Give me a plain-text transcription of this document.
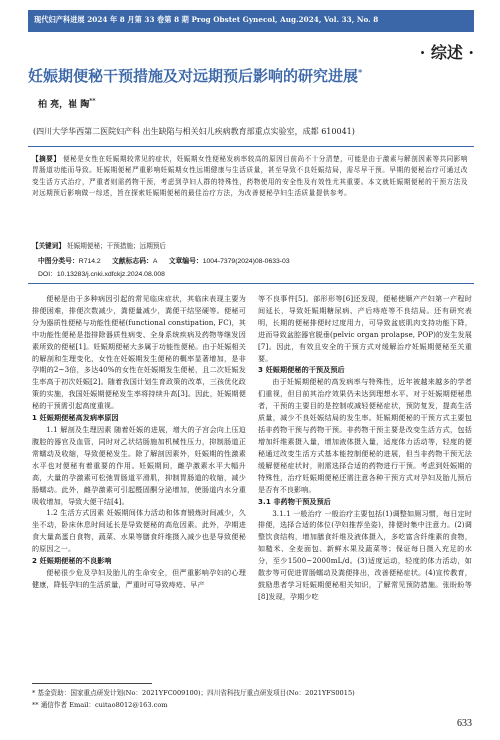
现代妇产科进展 2024 年 8 月第 33 卷第 8 期 Prog Obstet Gynecol, Aug.2024, Vol. 33, No. 8
· 综述 ·
妊娠期便秘干预措施及对远期预后影响的研究进展*
柏 亮，崔 陶**
(四川大学华西第二医院妇产科 出生缺陷与相关妇儿疾病教育部重点实验室，成都 610041)
【摘要】 便秘是女性在妊娠期较常见的症状，妊娠期女性便秘发病率较高的原因目前尚不十分清楚，可能是由于激素与解剖因素等共同影响胃肠道功能而导致。妊娠期便秘严重影响妊娠期女性远期健康与生活质量，甚至导致不良妊娠结局，需尽早干预。早期的便秘治疗可通过改变生活方式治疗，严重者则需药物干预，考虑到孕妇人群的特殊性，药物使用的安全性及有效性尤其重要。本文就妊娠期便秘的干预方法及对远期预后影响做一综述，旨在探索妊娠期便秘的最佳治疗方法，为改善便秘孕妇生活质量提供参考。
【关键词】 妊娠期便秘；干预措施；远期预后
中图分类号：R714.2 文献标志码：A 文章编号：1004-7379(2024)08-0633-03
DOI：10.13283/j.cnki.xdfckjz.2024.08.008

便秘是由于多种病因引起的常见临床症状，其临床表现主要为排便困难，排便次数减少，粪便量减少，粪便干结坚硬等。便秘可分为器质性便秘与功能性便秘(functional constipation, FC)，其中功能性便秘是指排除器质性病变、全身系统疾病及药物等继发因素所致的便秘[1]。妊娠期便秘大多属于功能性便秘。由于妊娠相关的解剖和生理变化，女性在妊娠期发生便秘的概率显著增加，是非孕期的2~3倍，多达40%的女性在妊娠期发生便秘，且二次妊娠发生率高于初次妊娠[2]。随着我国计划生育政策的改革，三孩优化政策的实施，我国妊娠期便秘发生率将持续升高[3]。因此，妊娠期便秘的干预需引起高度重视。

1 妊娠期便秘高发病率原因

1.1 解剖及生理因素 随着妊娠的进展，增大的子宫会向上压迫腹腔的器官及血管，同时对乙状结肠施加机械性压力，抑制肠道正常蠕动及收缩，导致便秘发生。除了解剖因素外，妊娠期的性激素水平也对便秘有着重要的作用。妊娠期间，雌孕激素水平大幅升高，大量的孕激素可松弛胃肠道平滑肌，抑制胃肠道的收缩，减少肠蠕动。此外，雌孕激素可引起醛固酮分泌增加，使肠道内水分重吸收增加，导致大便干结[4]。

1.2 生活方式因素 妊娠期间体力活动和体育锻炼时间减少，久坐不动，卧床休息时间延长是导致便秘的高危因素。此外，孕期进食大量高蛋白食物，蔬菜、水果等膳食纤维摄入减少也是导致便秘的原因之一。

2 妊娠期便秘的不良影响

便秘很少危及孕妇及胎儿的生命安全，但严重影响孕妇的心理健康，降低孕妇的生活质量，严重时可导致痔疮、早产

等不良事件[5]。部形形等[6]还发现，便秘使顺产产妇第一产程时间延长，导致妊娠期糖尿病、产后痔疮等不良结局。还有研究表明，长期的便秘排便时过度用力，可导致盆底肌肉支持功能下降，进而导致盆腔器官脱垂(pelvic organ prolapse, POP)的发生发展[7]。因此，有效且安全的干预方式对缓解治疗妊娠期便秘至关重要。

3 妊娠期便秘的干预及预后

由于妊娠期便秘的高发病率与特殊性，近年被越来越多的学者们重视，但目前其治疗效果仍未达到理想水平。对于妊娠期便秘患者，干预的主要目的是控制或减轻便秘症状，预防复发，提高生活质量，减少不良妊娠结局的发生率。妊娠期便秘的干预方式主要包括非药物干预与药物干预。非药物干预主要是改变生活方式，包括增加纤维素摄入量，增加液体摄入量，适度体力活动等，轻度的便秘通过改变生活方式基本能控制便秘的进展，但当非药物干预无法缓解便秘症状时，则需选择合适的药物进行干预。考虑到妊娠期的特殊性，治疗妊娠期便秘还需注意各种干预方式对孕妇及胎儿预后是否有不良影响。

3.1 非药物干预及预后

3.1.1 一般治疗 一般治疗主要包括(1)调整如厕习惯，每日定时排便，选择合适的体位(孕妇推荐坐姿)，排便时集中注意力。(2)调整饮食结构，增加膳食纤维及液体摄入，多吃富含纤维素的食物，如糙米、全麦面包、新鲜水果及蔬菜等；保证每日摄入充足的水分，至少1500~2000mL/d。(3)适度运动，轻度的体力活动，如散步等可促进胃肠蠕动及粪便排出，改善便秘症状。(4)宣传教育，鼓励患者学习妊娠期便秘相关知识，了解常见预防措施。张盼盼等[8]发现，孕期少吃

* 基金资助：国家重点研发计划(No：2021YFC009100)；四川省科技厅重点研发项目(No：2021YFS0015)
** 通信作者 Email：cuitao8012@163.com
633
